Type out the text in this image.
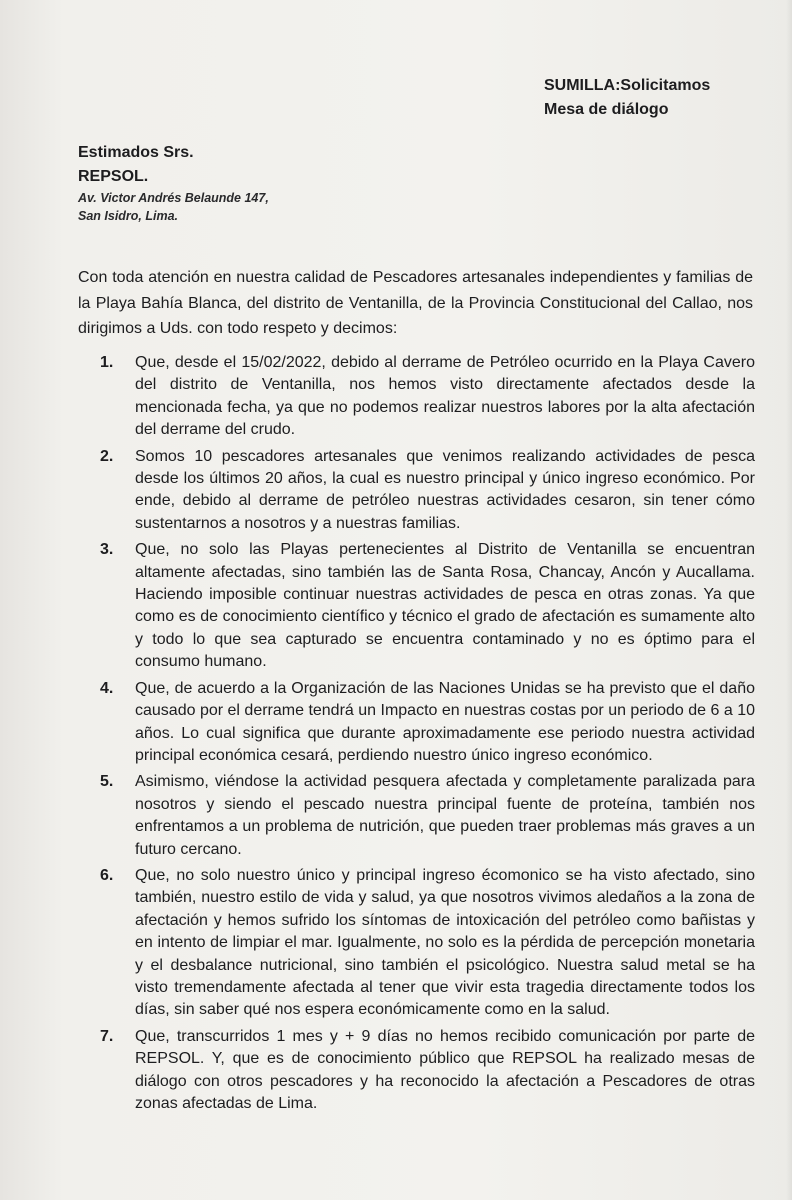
SUMILLA:Solicitamos
Mesa de diálogo
Estimados Srs.
REPSOL.
Av. Victor Andrés Belaunde 147,
San Isidro, Lima.
Con toda atención en nuestra calidad de Pescadores artesanales independientes y familias de la Playa Bahía Blanca, del distrito de Ventanilla, de la Provincia Constitucional del Callao, nos dirigimos a Uds. con todo respeto y decimos:
1. Que, desde el 15/02/2022, debido al derrame de Petróleo ocurrido en la Playa Cavero del distrito de Ventanilla, nos hemos visto directamente afectados desde la mencionada fecha, ya que no podemos realizar nuestros labores por la alta afectación del derrame del crudo.
2. Somos 10 pescadores artesanales que venimos realizando actividades de pesca desde los últimos 20 años, la cual es nuestro principal y único ingreso económico. Por ende, debido al derrame de petróleo nuestras actividades cesaron, sin tener cómo sustentarnos a nosotros y a nuestras familias.
3. Que, no solo las Playas pertenecientes al Distrito de Ventanilla se encuentran altamente afectadas, sino también las de Santa Rosa, Chancay, Ancón y Aucallama. Haciendo imposible continuar nuestras actividades de pesca en otras zonas. Ya que como es de conocimiento científico y técnico el grado de afectación es sumamente alto y todo lo que sea capturado se encuentra contaminado y no es óptimo para el consumo humano.
4. Que, de acuerdo a la Organización de las Naciones Unidas se ha previsto que el daño causado por el derrame tendrá un Impacto en nuestras costas por un periodo de 6 a 10 años. Lo cual significa que durante aproximadamente ese periodo nuestra actividad principal económica cesará, perdiendo nuestro único ingreso económico.
5. Asimismo, viéndose la actividad pesquera afectada y completamente paralizada para nosotros y siendo el pescado nuestra principal fuente de proteína, también nos enfrentamos a un problema de nutrición, que pueden traer problemas más graves a un futuro cercano.
6. Que, no solo nuestro único y principal ingreso écomonico se ha visto afectado, sino también, nuestro estilo de vida y salud, ya que nosotros vivimos aledaños a la zona de afectación y hemos sufrido los síntomas de intoxicación del petróleo como bañistas y en intento de limpiar el mar. Igualmente, no solo es la pérdida de percepción monetaria y el desbalance nutricional, sino también el psicológico. Nuestra salud metal se ha visto tremendamente afectada al tener que vivir esta tragedia directamente todos los días, sin saber qué nos espera económicamente como en la salud.
7. Que, transcurridos 1 mes y + 9 días no hemos recibido comunicación por parte de REPSOL. Y, que es de conocimiento público que REPSOL ha realizado mesas de diálogo con otros pescadores y ha reconocido la afectación a Pescadores de otras zonas afectadas de Lima.
